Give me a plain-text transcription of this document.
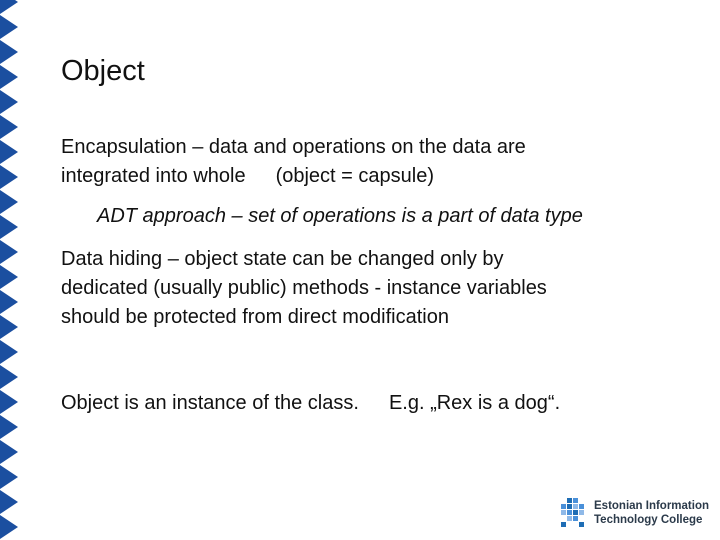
Object
Encapsulation – data and operations on the data are
integrated into whole (object = capsule)
ADT approach – set of operations is a part of data type
Data hiding – object state can be changed only by
dedicated (usually public) methods - instance variables
should be protected from direct modification
Object is an instance of the class. E.g. „Rex is a dog“.
Estonian Information
Technology College
